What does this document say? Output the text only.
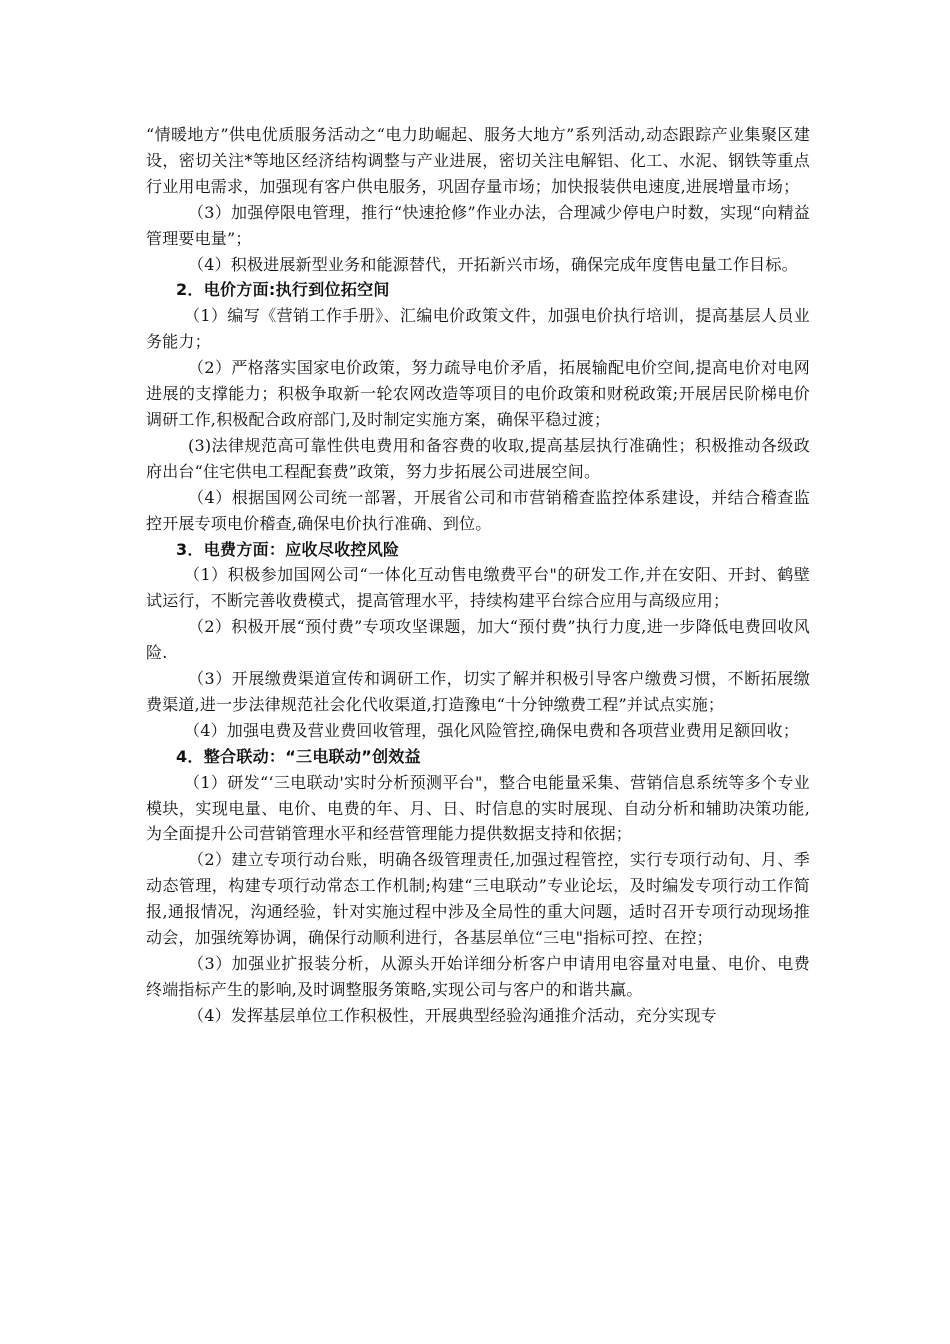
“情暖地方”供电优质服务活动之“电力助崛起、服务大地方”系列活动,动态跟踪产业集聚区建设，密切关注*等地区经济结构调整与产业进展，密切关注电解铝、化工、水泥、钢铁等重点行业用电需求，加强现有客户供电服务，巩固存量市场；加快报装供电速度,进展增量市场；

（3）加强停限电管理，推行“快速抢修”作业办法，合理减少停电户时数，实现“向精益管理要电量”；

（4）积极进展新型业务和能源替代，开拓新兴市场，确保完成年度售电量工作目标。

2．电价方面:执行到位拓空间

（1）编写《营销工作手册》、汇编电价政策文件，加强电价执行培训，提高基层人员业务能力；

（2）严格落实国家电价政策，努力疏导电价矛盾，拓展输配电价空间,提高电价对电网进展的支撑能力；积极争取新一轮农网改造等项目的电价政策和财税政策;开展居民阶梯电价调研工作,积极配合政府部门,及时制定实施方案，确保平稳过渡；

(3)法律规范高可靠性供电费用和备容费的收取,提高基层执行准确性；积极推动各级政府出台“住宅供电工程配套费”政策，努力步拓展公司进展空间。

（4）根据国网公司统一部署，开展省公司和市营销稽查监控体系建设，并结合稽查监控开展专项电价稽查,确保电价执行准确、到位。

3．电费方面：应收尽收控风险

（1）积极参加国网公司“一体化互动售电缴费平台"的研发工作,并在安阳、开封、鹤壁试运行，不断完善收费模式，提高管理水平，持续构建平台综合应用与高级应用；

（2）积极开展“预付费”专项攻坚课题，加大“预付费”执行力度,进一步降低电费回收风险.

（3）开展缴费渠道宣传和调研工作，切实了解并积极引导客户缴费习惯，不断拓展缴费渠道,进一步法律规范社会化代收渠道,打造豫电“十分钟缴费工程”并试点实施；

（4）加强电费及营业费回收管理，强化风险管控,确保电费和各项营业费用足额回收；

4．整合联动：“三电联动”创效益

（1）研发“‘三电联动'实时分析预测平台"，整合电能量采集、营销信息系统等多个专业模块，实现电量、电价、电费的年、月、日、时信息的实时展现、自动分析和辅助决策功能,为全面提升公司营销管理水平和经营管理能力提供数据支持和依据；

（2）建立专项行动台账，明确各级管理责任,加强过程管控，实行专项行动旬、月、季动态管理，构建专项行动常态工作机制;构建“三电联动”专业论坛，及时编发专项行动工作简报,通报情况，沟通经验，针对实施过程中涉及全局性的重大问题，适时召开专项行动现场推动会，加强统筹协调，确保行动顺利进行，各基层单位“三电"指标可控、在控；

（3）加强业扩报装分析，从源头开始详细分析客户申请用电容量对电量、电价、电费终端指标产生的影响,及时调整服务策略,实现公司与客户的和谐共赢。

（4）发挥基层单位工作积极性，开展典型经验沟通推介活动，充分实现专
